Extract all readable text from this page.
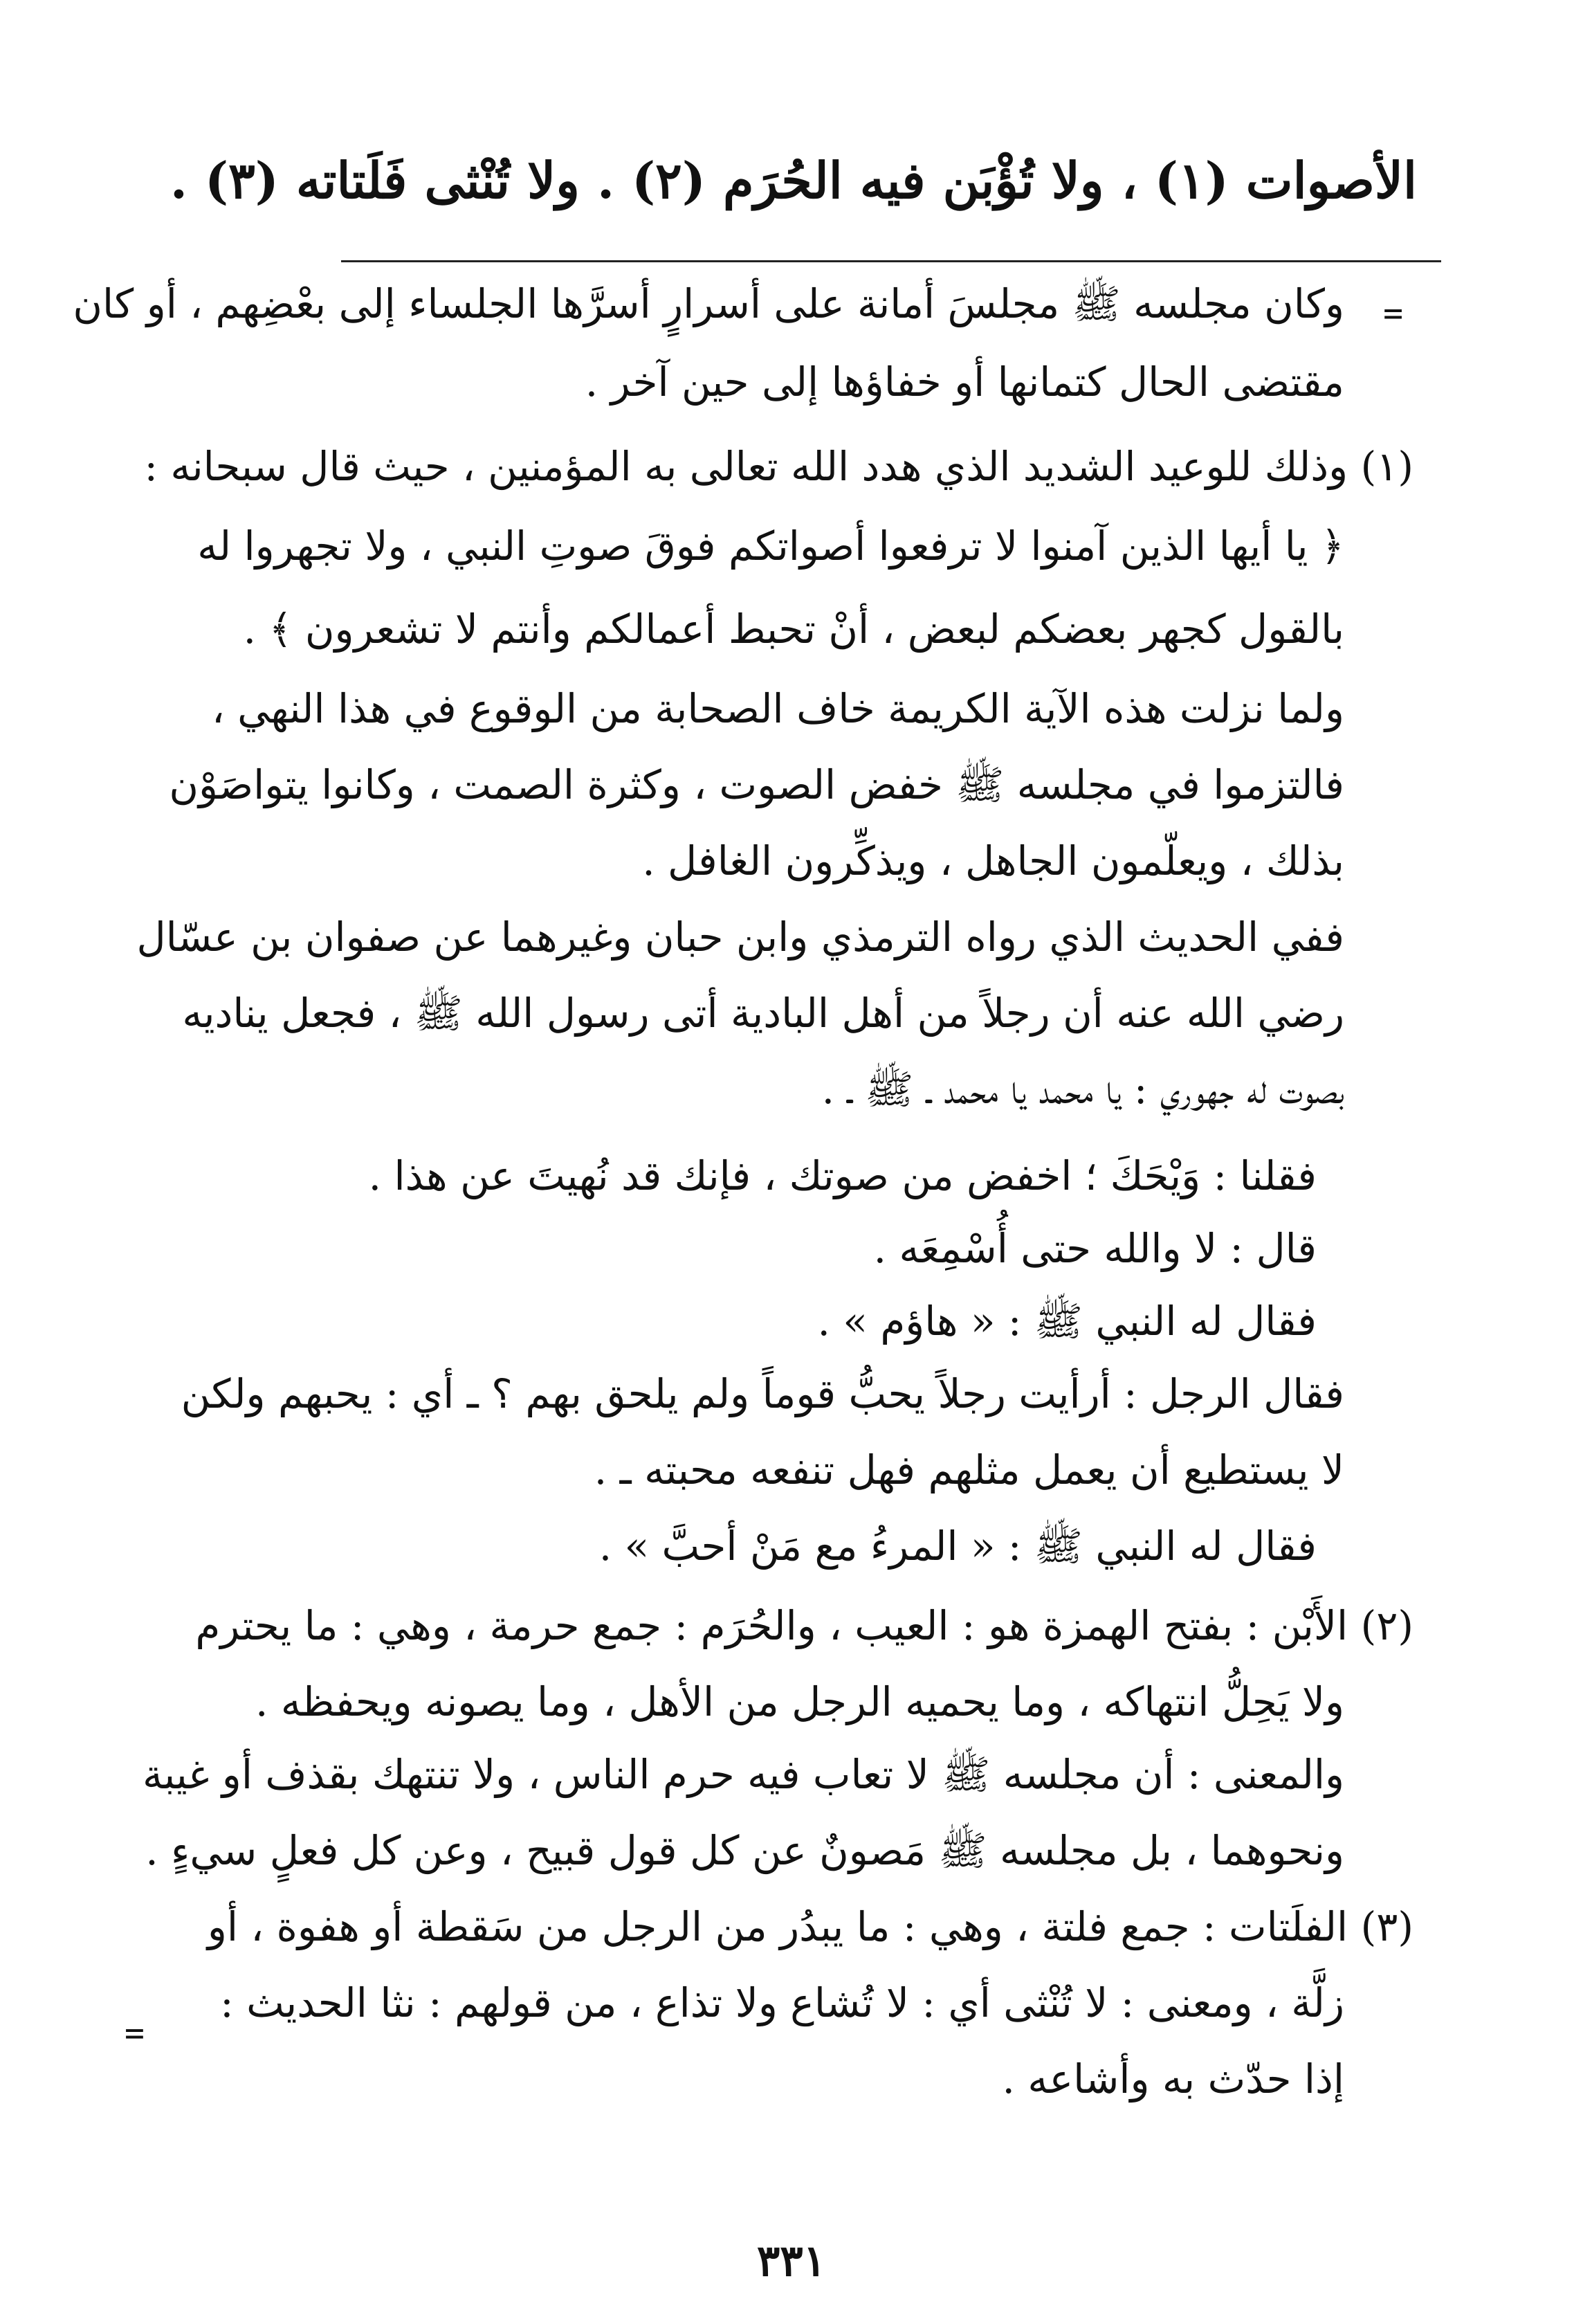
الأصوات (١) ، ولا تُؤْبَن فيه الحُرَم (٢) . ولا تُنْثى فَلَتاته (٣) .
=
وكان مجلسه ﷺ مجلسَ أمانة على أسرارٍ أسرَّها الجلساء إلى بعْضِهم ، أو كان
مقتضى الحال كتمانها أو خفاؤها إلى حين آخر .
(١) وذلك للوعيد الشديد الذي هدد الله تعالى به المؤمنين ، حيث قال سبحانه :
﴿ يا أيها الذين آمنوا لا ترفعوا أصواتكم فوقَ صوتِ النبي ، ولا تجهروا له
بالقول كجهر بعضكم لبعض ، أنْ تحبط أعمالكم وأنتم لا تشعرون ﴾ .
ولما نزلت هذه الآية الكريمة خاف الصحابة من الوقوع في هذا النهي ،
فالتزموا في مجلسه ﷺ خفض الصوت ، وكثرة الصمت ، وكانوا يتواصَوْن
بذلك ، ويعلّمون الجاهل ، ويذكِّرون الغافل .
ففي الحديث الذي رواه الترمذي وابن حبان وغيرهما عن صفوان بن عسّال
رضي الله عنه أن رجلاً من أهل البادية أتى رسول الله ﷺ ، فجعل يناديه
بصوت له جهوري : يا محمد يا محمد ـ ﷺ ـ .
فقلنا : وَيْحَكَ ؛ اخفض من صوتك ، فإنك قد نُهيتَ عن هذا .
قال : لا والله حتى أُسْمِعَه .
فقال له النبي ﷺ : « هاؤم » .
فقال الرجل : أرأيت رجلاً يحبُّ قوماً ولم يلحق بهم ؟ ـ أي : يحبهم ولكن
لا يستطيع أن يعمل مثلهم فهل تنفعه محبته ـ .
فقال له النبي ﷺ : « المرءُ مع مَنْ أحبَّ » .
(٢) الأَبْن : بفتح الهمزة هو : العيب ، والحُرَم : جمع حرمة ، وهي : ما يحترم
ولا يَحِلُّ انتهاكه ، وما يحميه الرجل من الأهل ، وما يصونه ويحفظه .
والمعنى : أن مجلسه ﷺ لا تعاب فيه حرم الناس ، ولا تنتهك بقذف أو غيبة
ونحوهما ، بل مجلسه ﷺ مَصونٌ عن كل قول قبيح ، وعن كل فعلٍ سيءٍ .
(٣) الفلَتات : جمع فلتة ، وهي : ما يبدُر من الرجل من سَقطة أو هفوة ، أو
زلَّة ، ومعنى : لا تُنْثى أي : لا تُشاع ولا تذاع ، من قولهم : نثا الحديث :
إذا حدّث به وأشاعه .
=
٣٣١
